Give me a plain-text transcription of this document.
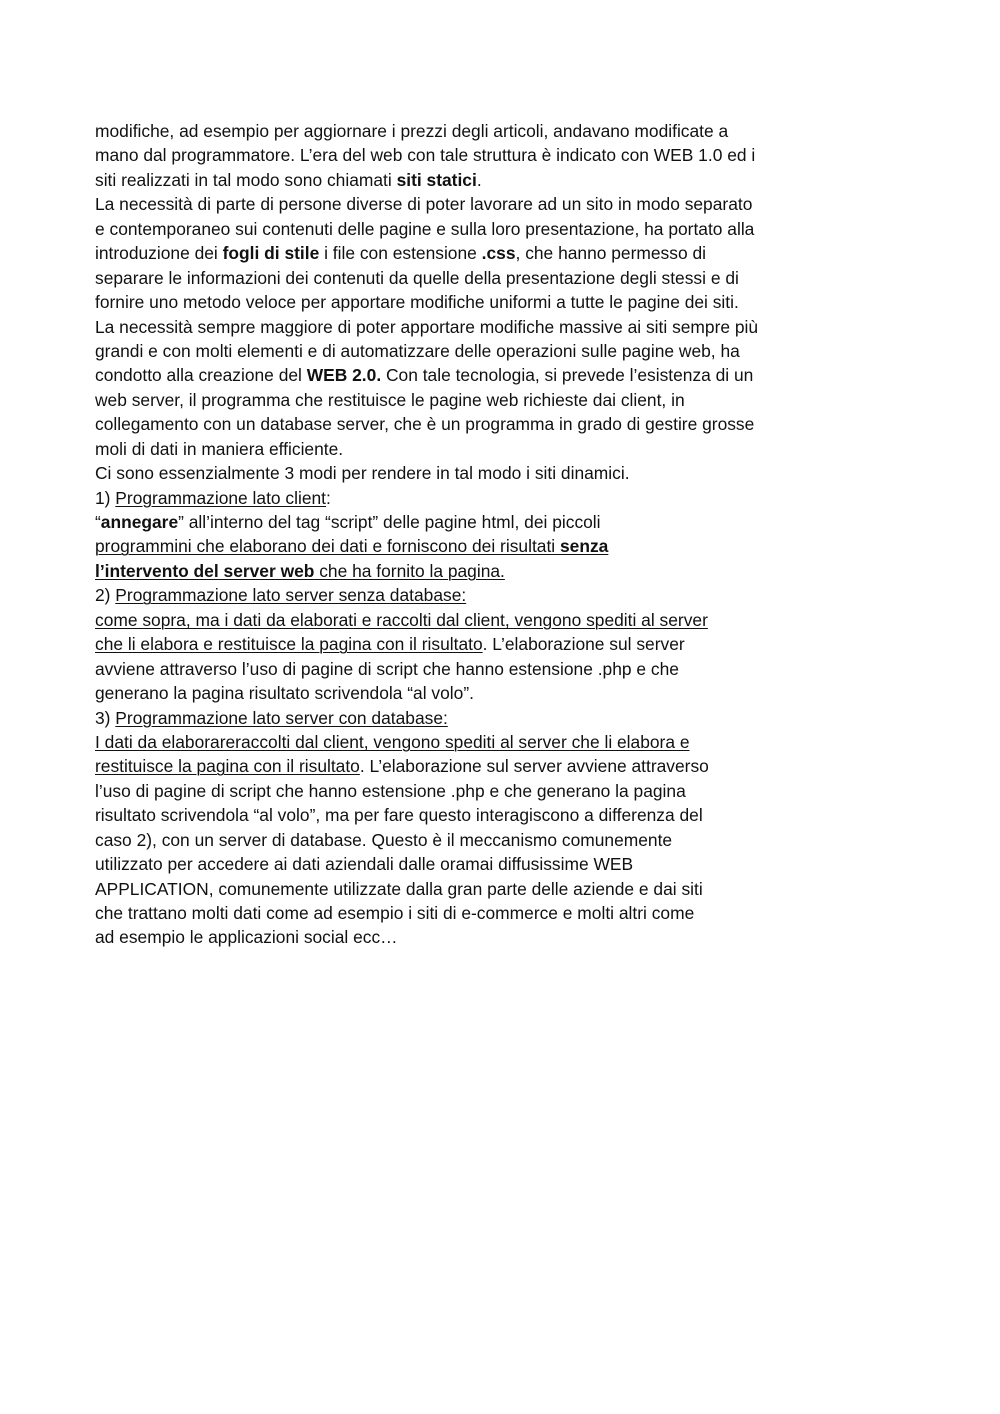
modifiche, ad esempio per aggiornare i prezzi degli articoli, andavano modificate a
mano dal programmatore. L’era del web con tale struttura è indicato con WEB 1.0 ed i
siti realizzati in tal modo sono chiamati siti statici.
La necessità di parte di persone diverse di poter lavorare ad un sito in modo separato
e contemporaneo sui contenuti delle pagine e sulla loro presentazione, ha portato alla
introduzione dei fogli di stile i file con estensione .css, che hanno permesso di
separare le informazioni dei contenuti da quelle della presentazione degli stessi e di
fornire uno metodo veloce per apportare modifiche uniformi a tutte le pagine dei siti.
La necessità sempre maggiore di poter apportare modifiche massive ai siti sempre più
grandi e con molti elementi e di automatizzare delle operazioni sulle pagine web, ha
condotto alla creazione del WEB 2.0. Con tale tecnologia, si prevede l’esistenza di un
web server, il programma che restituisce le pagine web richieste dai client, in
collegamento con un database server, che è un programma in grado di gestire grosse
moli di dati in maniera efficiente.
Ci sono essenzialmente 3 modi per rendere in tal modo i siti dinamici.
1) Programmazione lato client:
“annegare” all’interno del tag “script” delle pagine html, dei piccoli
programmini che elaborano dei dati e forniscono dei risultati senza
l’intervento del server web che ha fornito la pagina.
2) Programmazione lato server senza database:
come sopra, ma i dati da elaborati e raccolti dal client, vengono spediti al server
che li elabora e restituisce la pagina con il risultato. L’elaborazione sul server
avviene attraverso l’uso di pagine di script che hanno estensione .php e che
generano la pagina risultato scrivendola “al volo”.
3) Programmazione lato server con database:
I dati da elaborareraccolti dal client, vengono spediti al server che li elabora e
restituisce la pagina con il risultato. L’elaborazione sul server avviene attraverso
l’uso di pagine di script che hanno estensione .php e che generano la pagina
risultato scrivendola “al volo”, ma per fare questo interagiscono a differenza del
caso 2), con un server di database. Questo è il meccanismo comunemente
utilizzato per accedere ai dati aziendali dalle oramai diffusissime WEB
APPLICATION, comunemente utilizzate dalla gran parte delle aziende e dai siti
che trattano molti dati come ad esempio i siti di e-commerce e molti altri come
ad esempio le applicazioni social ecc…
